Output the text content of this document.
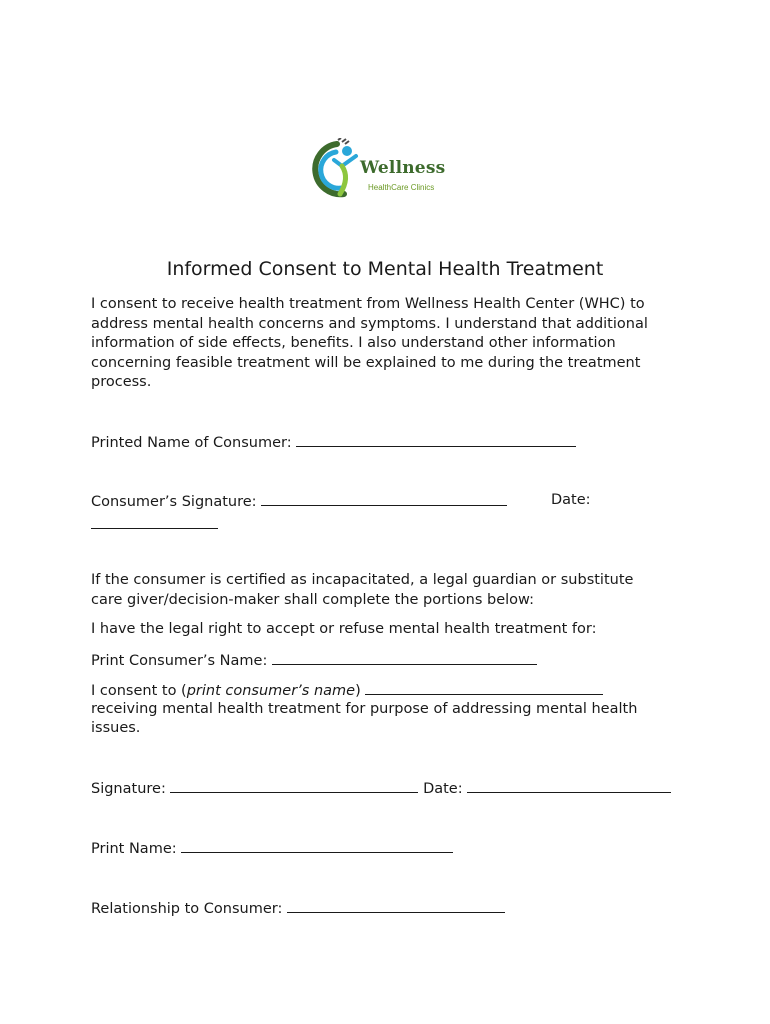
Wellness
HealthCare Clinics
Informed Consent to Mental Health Treatment
I consent to receive health treatment from Wellness Health Center (WHC) to
address mental health concerns and symptoms. I understand that additional
information of side effects, benefits. I also understand other information
concerning feasible treatment will be explained to me during the treatment
process.
Printed Name of Consumer:
Consumer’s Signature:	Date:
If the consumer is certified as incapacitated, a legal guardian or substitute
care giver/decision-maker shall complete the portions below:
I have the legal right to accept or refuse mental health treatment for:
Print Consumer’s Name:
I consent to (print consumer’s name)
receiving mental health treatment for purpose of addressing mental health
issues.
Signature:	Date:
Print Name:
Relationship to Consumer:
